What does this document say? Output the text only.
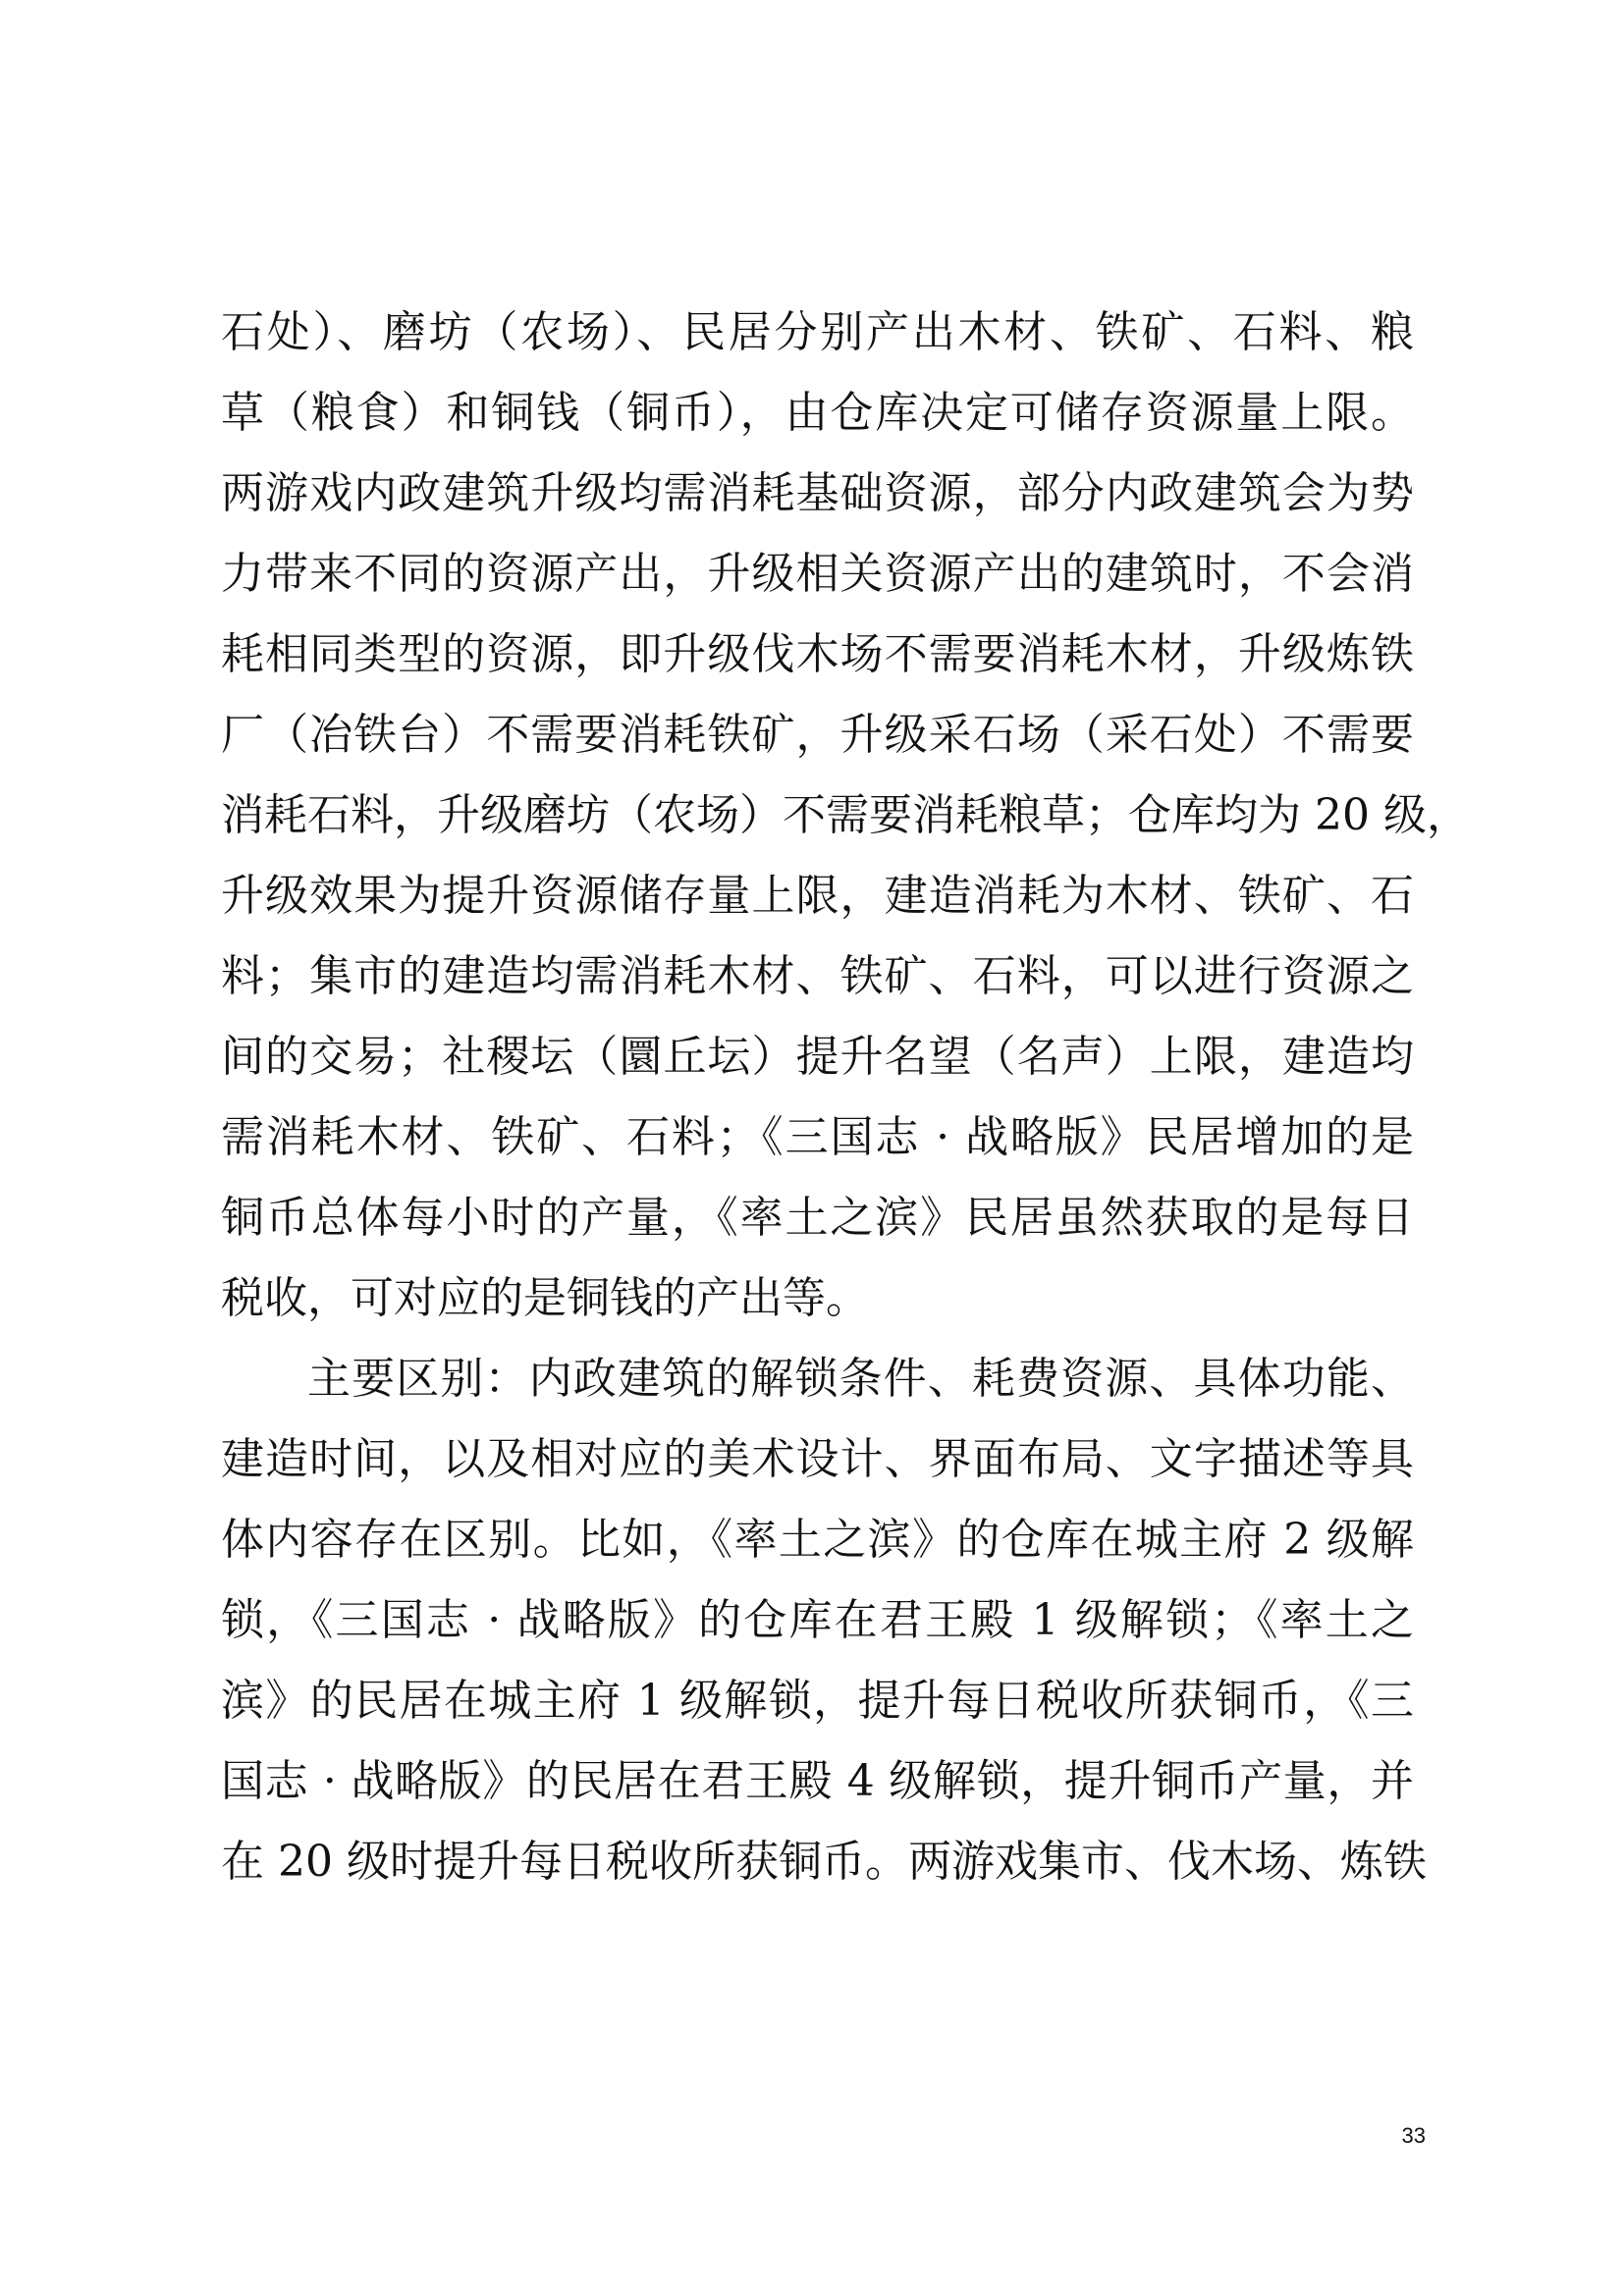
石处）、磨坊（农场）、民居分别产出木材、铁矿、石料、粮
草（粮食）和铜钱（铜币），由仓库决定可储存资源量上限。
两游戏内政建筑升级均需消耗基础资源，部分内政建筑会为势
力带来不同的资源产出，升级相关资源产出的建筑时，不会消
耗相同类型的资源，即升级伐木场不需要消耗木材，升级炼铁
厂（冶铁台）不需要消耗铁矿，升级采石场（采石处）不需要
消耗石料，升级磨坊（农场）不需要消耗粮草；仓库均为 20 级，
升级效果为提升资源储存量上限，建造消耗为木材、铁矿、石
料；集市的建造均需消耗木材、铁矿、石料，可以进行资源之
间的交易；社稷坛（圜丘坛）提升名望（名声）上限，建造均
需消耗木材、铁矿、石料；《三国志 · 战略版》民居增加的是
铜币总体每小时的产量，《率土之滨》民居虽然获取的是每日
税收，可对应的是铜钱的产出等。
主要区别：内政建筑的解锁条件、耗费资源、具体功能、
建造时间，以及相对应的美术设计、界面布局、文字描述等具
体内容存在区别。比如，《率土之滨》的仓库在城主府 2 级解
锁，《三国志 · 战略版》的仓库在君王殿 1 级解锁；《率土之
滨》的民居在城主府 1 级解锁，提升每日税收所获铜币，《三
国志 · 战略版》的民居在君王殿 4 级解锁，提升铜币产量，并
在 20 级时提升每日税收所获铜币。两游戏集市、伐木场、炼铁
33
